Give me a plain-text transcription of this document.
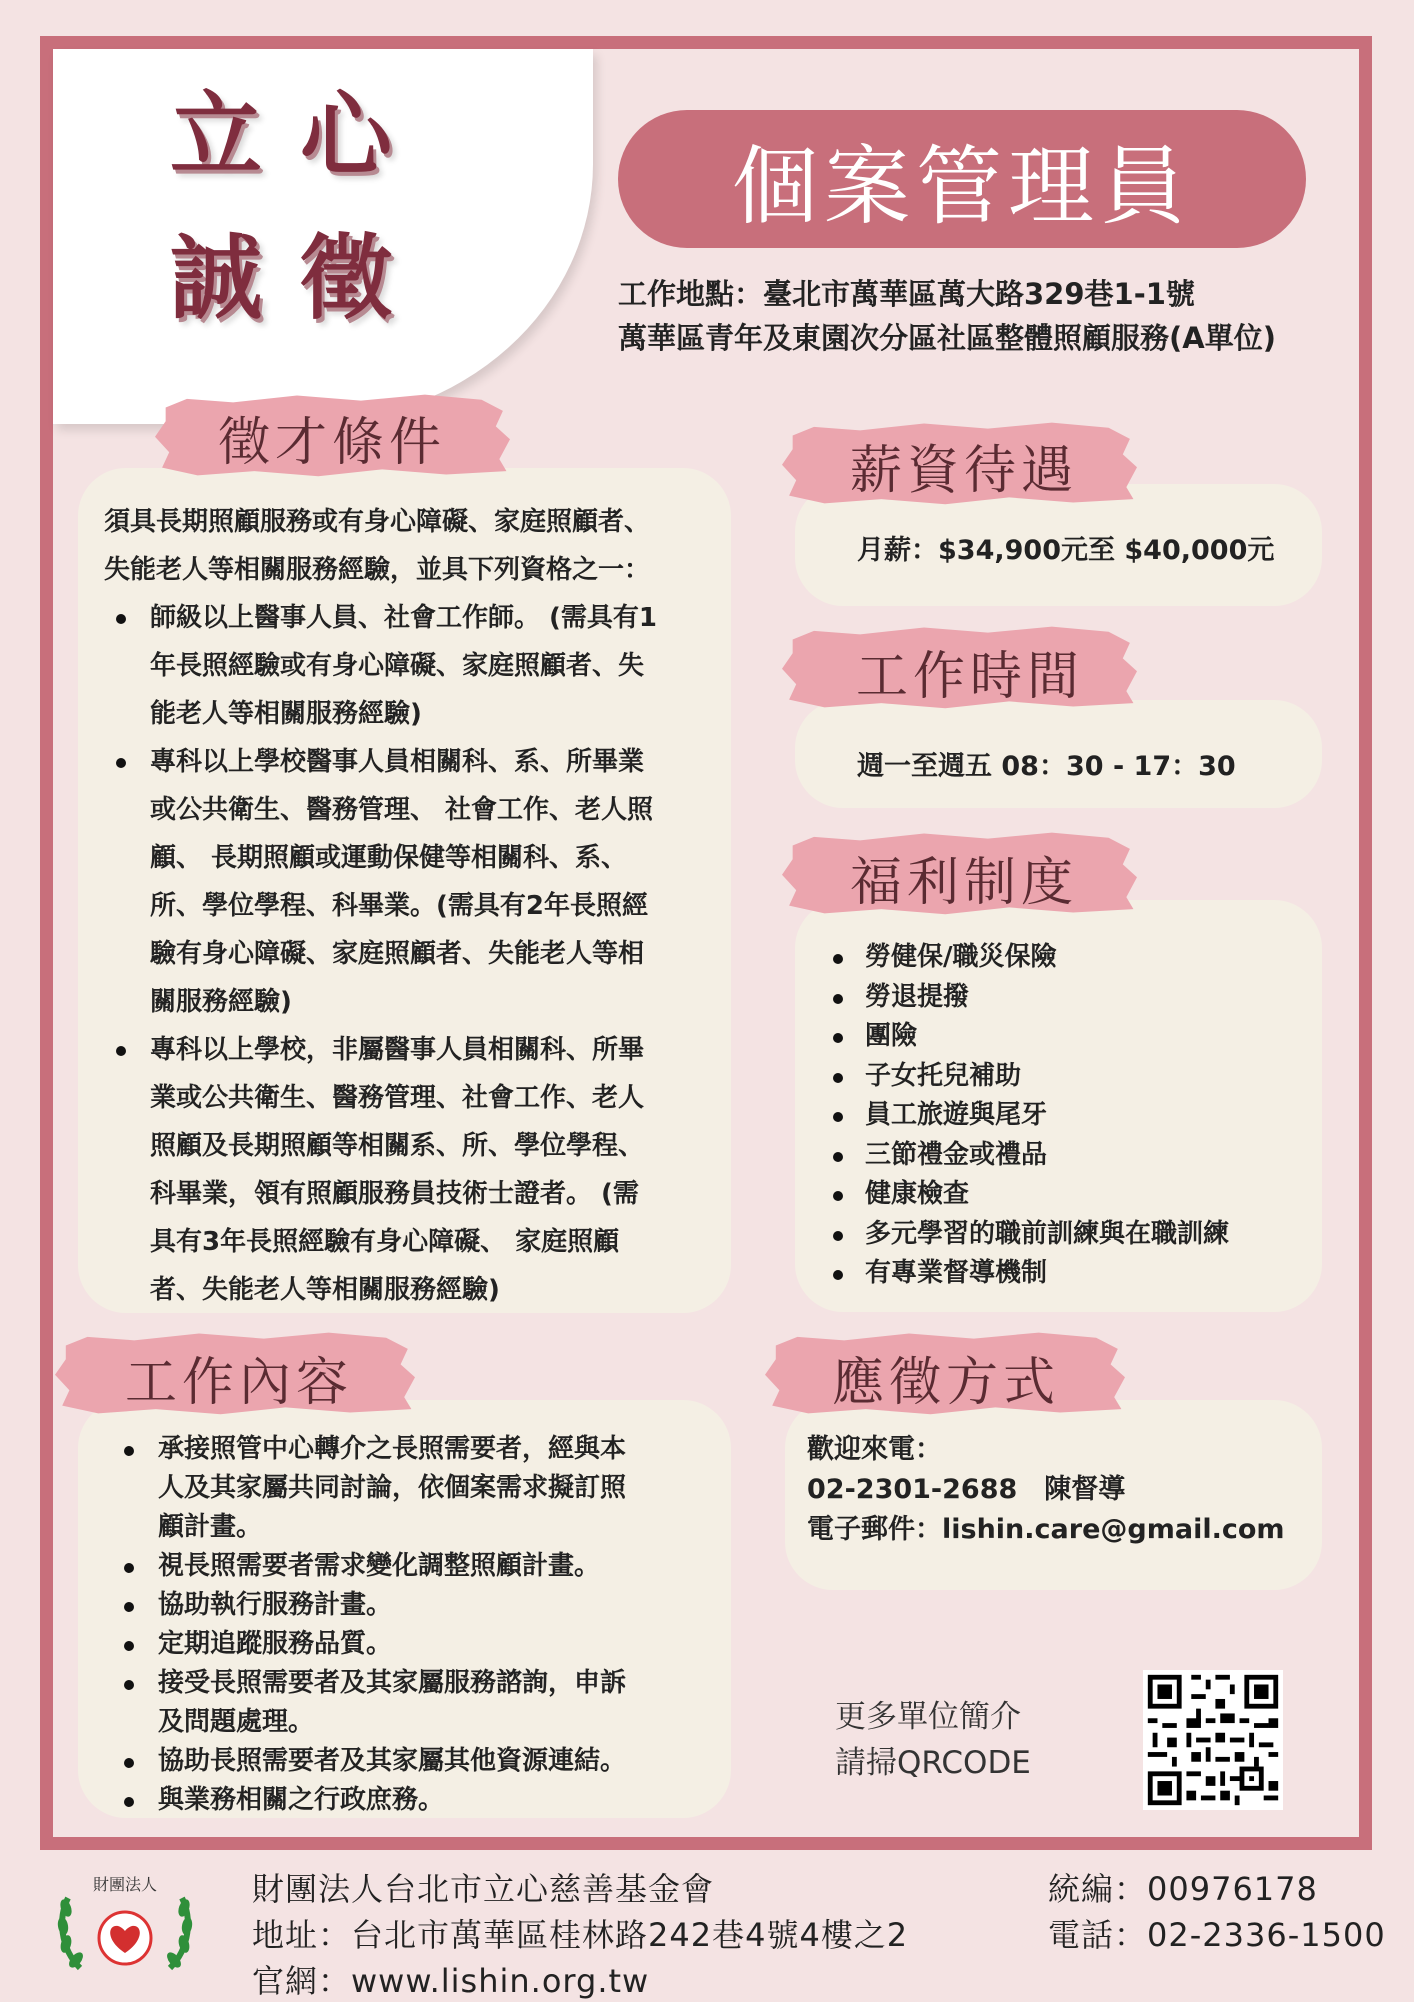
立
心
誠
徵
個案管理員
工作地點：臺北市萬華區萬大路329巷1-1號
萬華區青年及東園次分區社區整體照顧服務(A單位)

須具長期照顧服務或有身心障礙、家庭照顧者、

失能老人等相關服務經驗，並具下列資格之一：

師級以上醫事人員、社會工作師。 (需具有1
年長照經驗或有身心障礙、家庭照顧者、失
能老人等相關服務經驗)
專科以上學校醫事人員相關科、系、所畢業
或公共衛生、醫務管理、 社會工作、老人照
顧、 長期照顧或運動保健等相關科、系、
所、學位學程、科畢業。(需具有2年長照經
驗有身心障礙、家庭照顧者、失能老人等相
關服務經驗)
專科以上學校，非屬醫事人員相關科、所畢
業或公共衛生、醫務管理、社會工作、老人
照顧及長期照顧等相關系、所、學位學程、
科畢業，領有照顧服務員技術士證者。 (需
具有3年長照經驗有身心障礙、 家庭照顧
者、失能老人等相關服務經驗)
徵才條件

月薪：$34,900元至 $40,000元

薪資待遇

週一至週五 08：30 - 17：30

工作時間
勞健保/職災保險
勞退提撥
團險
子女托兒補助
員工旅遊與尾牙
三節禮金或禮品
健康檢查
多元學習的職前訓練與在職訓練
有專業督導機制
福利制度
承接照管中心轉介之長照需要者，經與本
人及其家屬共同討論，依個案需求擬訂照
顧計畫。
視長照需要者需求變化調整照顧計畫。
協助執行服務計畫。
定期追蹤服務品質。
接受長照需要者及其家屬服務諮詢，申訴
及問題處理。
協助長照需要者及其家屬其他資源連結。
與業務相關之行政庶務。
工作內容
歡迎來電：
02-2301-2688　陳督導
電子郵件：lishin.care@gmail.com
應徵方式
更多單位簡介
請掃QRCODE
財團法人	財團法人台北市立心慈善基金會
地址：台北市萬華區桂林路242巷4號4樓之2
官網：www.lishin.org.tw
統編：00976178
電話：02-2336-1500
